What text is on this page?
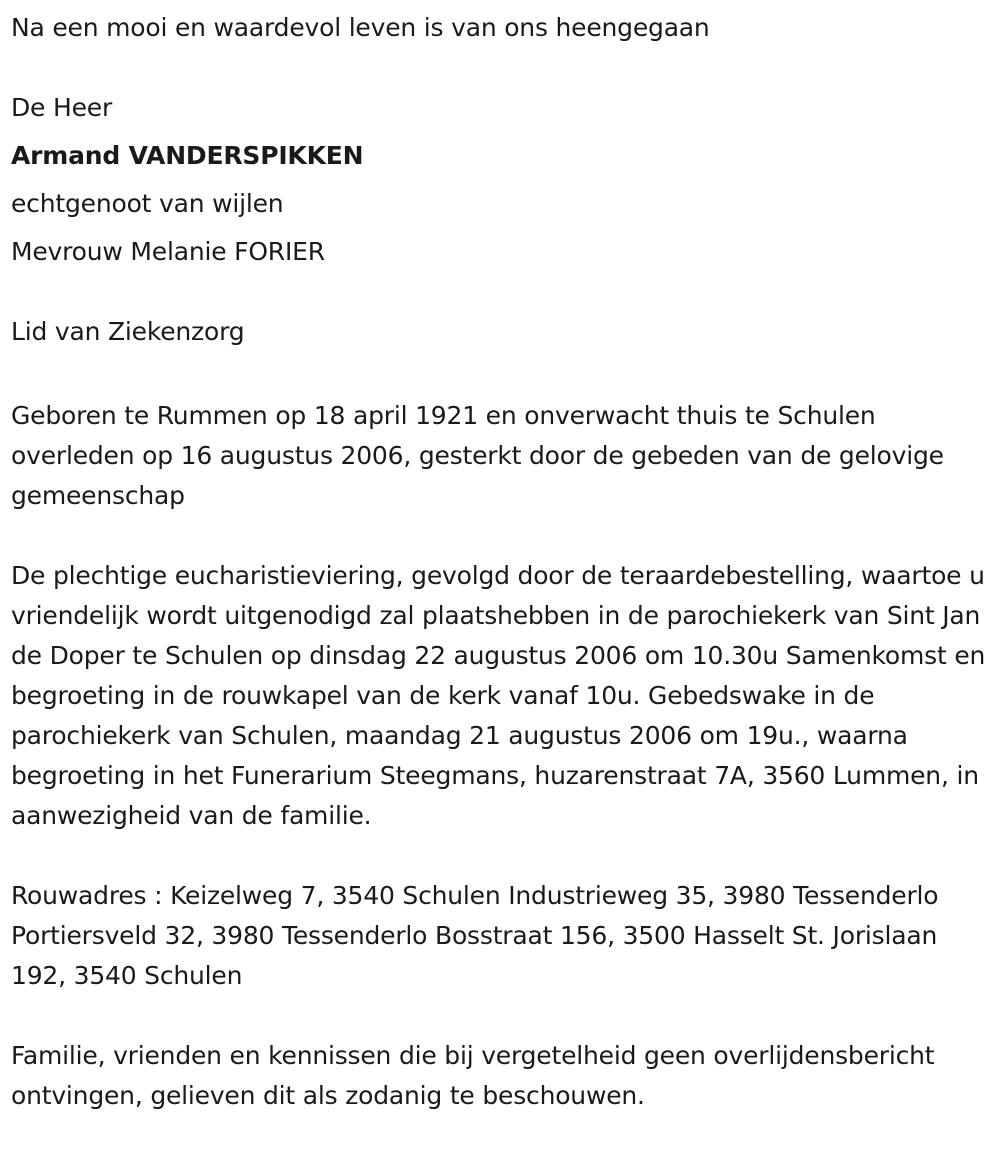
Na een mooi en waardevol leven is van ons heengegaan

De Heer

Armand VANDERSPIKKEN

echtgenoot van wijlen

Mevrouw Melanie FORIER

Lid van Ziekenzorg

Geboren te Rummen op 18 april 1921 en onverwacht thuis te Schulen overleden op 16 augustus 2006, gesterkt door de gebeden van de gelovige gemeenschap

De plechtige eucharistieviering, gevolgd door de teraardebestelling, waartoe u vriendelijk wordt uitgenodigd zal plaatshebben in de parochiekerk van Sint Jan de Doper te Schulen op dinsdag 22 augustus 2006 om 10.30u Samenkomst en begroeting in de rouwkapel van de kerk vanaf 10u. Gebedswake in de parochiekerk van Schulen, maandag 21 augustus 2006 om 19u., waarna begroeting in het Funerarium Steegmans, huzarenstraat 7A, 3560 Lummen, in aanwezigheid van de familie.

Rouwadres : Keizelweg 7, 3540 Schulen Industrieweg 35, 3980 Tessenderlo Portiersveld 32, 3980 Tessenderlo Bosstraat 156, 3500 Hasselt St. Jorislaan 192, 3540 Schulen

Familie, vrienden en kennissen die bij vergetelheid geen overlijdensbericht ontvingen, gelieven dit als zodanig te beschouwen.
